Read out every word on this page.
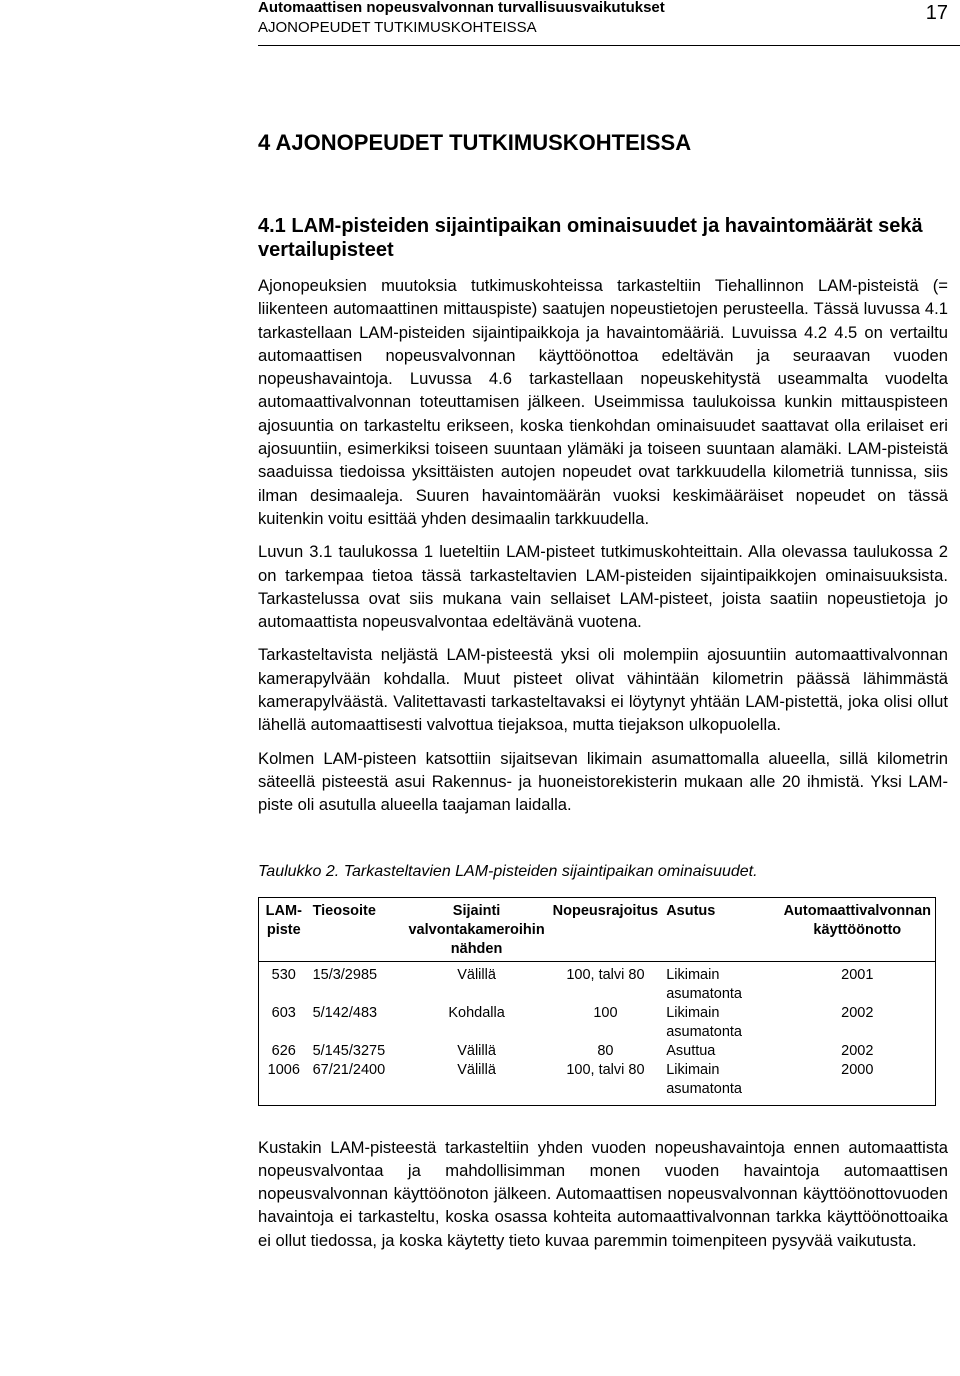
Automaattisen nopeusvalvonnan turvallisuusvaikutukset
AJONOPEUDET TUTKIMUSKOHTEISSA
17
4 AJONOPEUDET TUTKIMUSKOHTEISSA
4.1 LAM-pisteiden sijaintipaikan ominaisuudet ja havaintomäärät sekä vertailupisteet

Ajonopeuksien muutoksia tutkimuskohteissa tarkasteltiin Tiehallinnon LAM-pisteistä (= liikenteen automaattinen mittauspiste) saatujen nopeustietojen perusteella. Tässä luvussa 4.1 tarkastellaan LAM-pisteiden sijaintipaikkoja ja havaintomääriä. Luvuissa 4.2 4.5 on vertailtu automaattisen nopeusvalvonnan käyttöönottoa edeltävän ja seuraavan vuoden nopeushavaintoja. Luvussa 4.6 tarkastellaan nopeuskehitystä useammalta vuodelta automaattivalvonnan toteuttamisen jälkeen. Useimmissa taulukoissa kunkin mittauspisteen ajosuuntia on tarkasteltu erikseen, koska tienkohdan ominaisuudet saattavat olla erilaiset eri ajosuuntiin, esimerkiksi toiseen suuntaan ylämäki ja toiseen suuntaan alamäki. LAM-pisteistä saaduissa tiedoissa yksittäisten autojen nopeudet ovat tarkkuudella kilometriä tunnissa, siis ilman desimaaleja. Suuren havaintomäärän vuoksi keskimääräiset nopeudet on tässä kuitenkin voitu esittää yhden desimaalin tarkkuudella.

Luvun 3.1 taulukossa 1 lueteltiin LAM-pisteet tutkimuskohteittain. Alla olevassa taulukossa 2 on tarkempaa tietoa tässä tarkasteltavien LAM-pisteiden sijaintipaikkojen ominaisuuksista. Tarkastelussa ovat siis mukana vain sellaiset LAM-pisteet, joista saatiin nopeustietoja jo automaattista nopeusvalvontaa edeltävänä vuotena.

Tarkasteltavista neljästä LAM-pisteestä yksi oli molempiin ajosuuntiin automaattivalvonnan kamerapylvään kohdalla. Muut pisteet olivat vähintään kilometrin päässä lähimmästä kamerapylväästä. Valitettavasti tarkasteltavaksi ei löytynyt yhtään LAM-pistettä, joka olisi ollut lähellä automaattisesti valvottua tiejaksoa, mutta tiejakson ulkopuolella.

Kolmen LAM-pisteen katsottiin sijaitsevan likimain asumattomalla alueella, sillä kilometrin säteellä pisteestä asui Rakennus- ja huoneistorekisterin mukaan alle 20 ihmistä. Yksi LAM-piste oli asutulla alueella taajaman laidalla.

Taulukko 2. Tarkasteltavien LAM-pisteiden sijaintipaikan ominaisuudet.
LAM-piste	Tieosoite	Sijainti valvontakameroihin nähden	Nopeusrajoitus	Asutus	Automaattivalvonnan käyttöönotto
530	15/3/2985	Välillä	100, talvi 80	Likimain asumatonta	2001
603	5/142/483	Kohdalla	100	Likimain asumatonta	2002
626	5/145/3275	Välillä	80	Asuttua	2002
1006	67/21/2400	Välillä	100, talvi 80	Likimain asumatonta	2000

Kustakin LAM-pisteestä tarkasteltiin yhden vuoden nopeushavaintoja ennen automaattista nopeusvalvontaa ja mahdollisimman monen vuoden havaintoja automaattisen nopeusvalvonnan käyttöönoton jälkeen. Automaattisen nopeusvalvonnan käyttöönottovuoden havaintoja ei tarkasteltu, koska osassa kohteita automaattivalvonnan tarkka käyttöönottoaika ei ollut tiedossa, ja koska käytetty tieto kuvaa paremmin toimenpiteen pysyvää vaikutusta.
